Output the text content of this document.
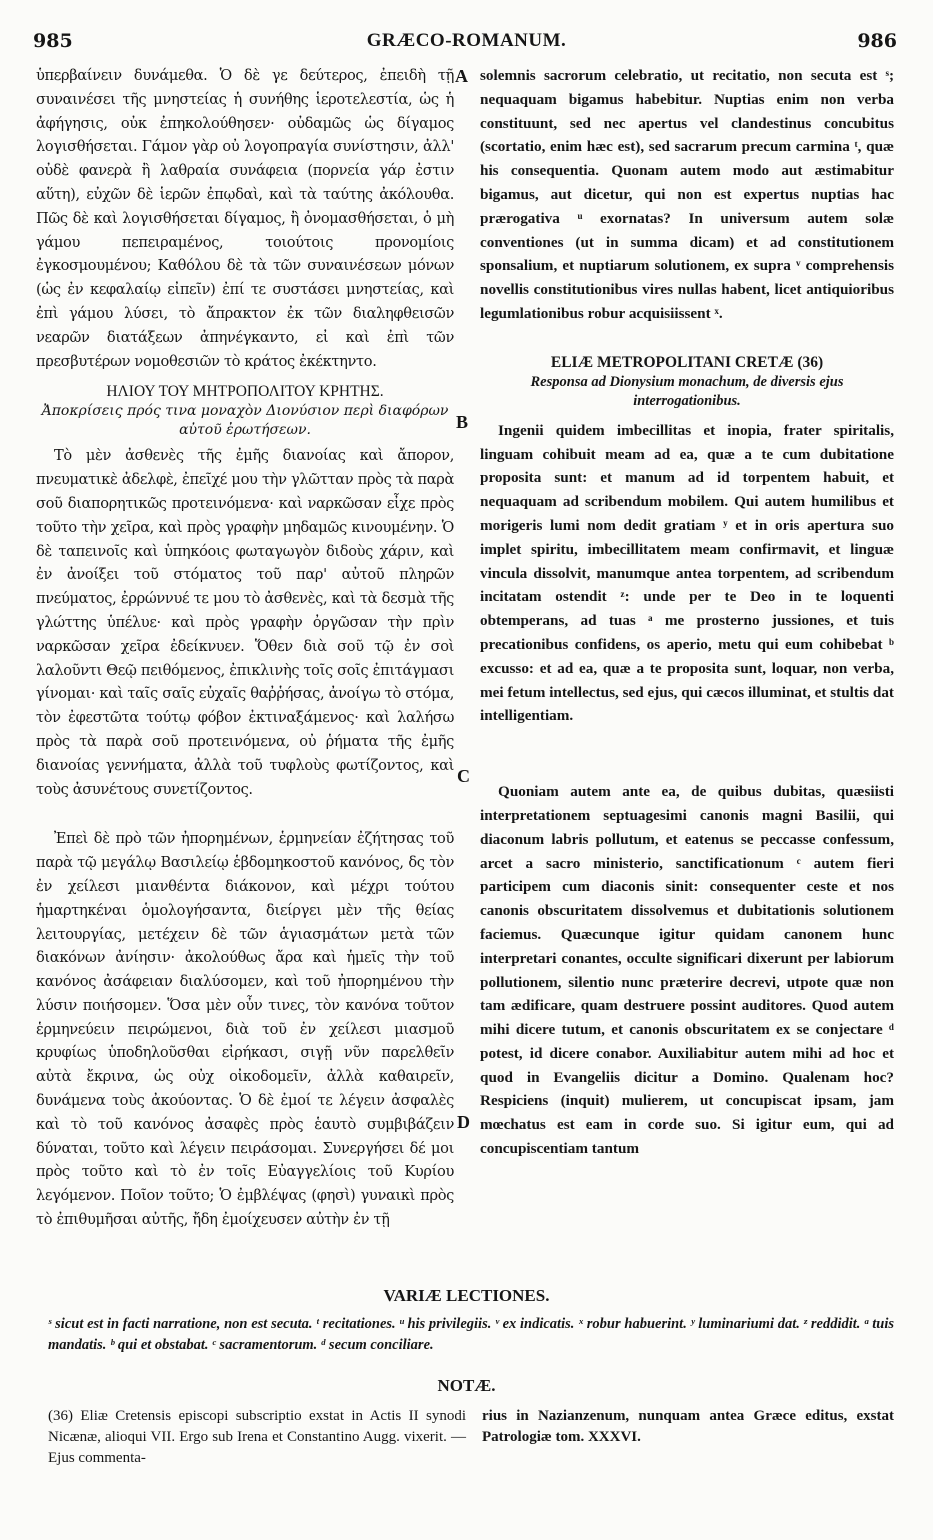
985	GRÆCO-ROMANUM.	986
A
B
C
D

ὑπερβαίνειν δυνάμεθα. Ὁ δὲ γε δεύτερος, ἐπειδὴ τῇ συναινέσει τῆς μνηστείας ἡ συνήθης ἱεροτελεστία, ὡς ἡ ἀφήγησις, οὐκ ἐπηκολούθησεν· οὐδαμῶς ὡς δίγαμος λογισθήσεται. Γάμον γὰρ οὐ λογοπραγία συνίστησιν, ἀλλ' οὐδὲ φανερὰ ἢ λαθραία συνάφεια (πορνεία γάρ ἐστιν αὕτη), εὐχῶν δὲ ἱερῶν ἐπῳδαὶ, καὶ τὰ ταύτης ἀκόλουθα. Πῶς δὲ καὶ λογισθήσεται δίγαμος, ἢ ὀνομασθήσεται, ὁ μὴ γάμου πεπειραμένος, τοιούτοις προνομίοις ἐγκοσμουμένου; Καθόλου δὲ τὰ τῶν συναινέσεων μόνων (ὡς ἐν κεφαλαίῳ εἰπεῖν) ἐπί τε συστάσει μνηστείας, καὶ ἐπὶ γάμου λύσει, τὸ ἄπρακτον ἐκ τῶν διαληφθεισῶν νεαρῶν διατάξεων ἀπηνέγκαντο, εἰ καὶ ἐπὶ τῶν πρεσβυτέρων νομοθεσιῶν τὸ κράτος ἐκέκτηντο.

ΗΛΙΟΥ ΤΟΥ ΜΗΤΡΟΠΟΛΙΤΟΥ ΚΡΗΤΗΣ.
Ἀποκρίσεις πρός τινα μοναχὸν Διονύσιον περὶ διαφόρων αὐτοῦ ἐρωτήσεων.

Τὸ μὲν ἀσθενὲς τῆς ἐμῆς διανοίας καὶ ἄπορον, πνευματικὲ ἀδελφὲ, ἐπεῖχέ μου τὴν γλῶτταν πρὸς τὰ παρὰ σοῦ διαπορητικῶς προτεινόμενα· καὶ ναρκῶσαν εἶχε πρὸς τοῦτο τὴν χεῖρα, καὶ πρὸς γραφὴν μηδαμῶς κινουμένην. Ὁ δὲ ταπεινοῖς καὶ ὑπηκόοις φωταγωγὸν διδοὺς χάριν, καὶ ἐν ἀνοίξει τοῦ στόματος τοῦ παρ' αὐτοῦ πληρῶν πνεύματος, ἐρρώννυέ τε μου τὸ ἀσθενὲς, καὶ τὰ δεσμὰ τῆς γλώττης ὑπέλυε· καὶ πρὸς γραφὴν ὀργῶσαν τὴν πρὶν ναρκῶσαν χεῖρα ἐδείκνυεν. Ὅθεν διὰ σοῦ τῷ ἐν σοὶ λαλοῦντι Θεῷ πειθόμενος, ἐπικλινὴς τοῖς σοῖς ἐπιτάγμασι γίνομαι· καὶ ταῖς σαῖς εὐχαῖς θαῤῥήσας, ἀνοίγω τὸ στόμα, τὸν ἐφεστῶτα τούτῳ φόβον ἐκτιναξάμενος· καὶ λαλήσω πρὸς τὰ παρὰ σοῦ προτεινόμενα, οὐ ῥήματα τῆς ἐμῆς διανοίας γεννήματα, ἀλλὰ τοῦ τυφλοὺς φωτίζοντος, καὶ τοὺς ἀσυνέτους συνετίζοντος.

Ἐπεὶ δὲ πρὸ τῶν ἠπορημένων, ἑρμηνείαν ἐζήτησας τοῦ παρὰ τῷ μεγάλῳ Βασιλείῳ ἑβδομηκοστοῦ κανόνος, δς τὸν ἐν χείλεσι μιανθέντα διάκονον, καὶ μέχρι τούτου ἡμαρτηκέναι ὁμολογήσαντα, διείργει μὲν τῆς θείας λειτουργίας, μετέχειν δὲ τῶν ἁγιασμάτων μετὰ τῶν διακόνων ἀνίησιν· ἀκολούθως ἄρα καὶ ἡμεῖς τὴν τοῦ κανόνος ἀσάφειαν διαλύσομεν, καὶ τοῦ ἠπορημένου τὴν λύσιν ποιήσομεν. Ὅσα μὲν οὖν τινες, τὸν κανόνα τοῦτον ἑρμηνεύειν πειρώμενοι, διὰ τοῦ ἐν χείλεσι μιασμοῦ κρυφίως ὑποδηλοῦσθαι εἰρήκασι, σιγῇ νῦν παρελθεῖν αὐτὰ ἔκρινα, ὡς οὐχ οἰκοδομεῖν, ἀλλὰ καθαιρεῖν, δυνάμενα τοὺς ἀκούοντας. Ὁ δὲ ἐμοί τε λέγειν ἀσφαλὲς καὶ τὸ τοῦ κανόνος ἀσαφὲς πρὸς ἑαυτὸ συμβιβάζειν δύναται, τοῦτο καὶ λέγειν πειράσομαι. Συνεργήσει δέ μοι πρὸς τοῦτο καὶ τὸ ἐν τοῖς Εὐαγγελίοις τοῦ Κυρίου λεγόμενον. Ποῖον τοῦτο; Ὁ ἐμβλέψας (φησὶ) γυναικὶ πρὸς τὸ ἐπιθυμῆσαι αὐτῆς, ἤδη ἐμοίχευσεν αὐτὴν ἐν τῇ

solemnis sacrorum celebratio, ut recitatio, non secuta est ˢ; nequaquam bigamus habebitur. Nuptias enim non verba constituunt, sed nec apertus vel clandestinus concubitus (scortatio, enim hæc est), sed sacrarum precum carmina ᵗ, quæ his consequentia. Quonam autem modo aut æstimabitur bigamus, aut dicetur, qui non est expertus nuptias hac prærogativa ᵘ exornatas? In universum autem solæ conventiones (ut in summa dicam) et ad constitutionem sponsalium, et nuptiarum solutionem, ex supra ᵛ comprehensis novellis constitutionibus vires nullas habent, licet antiquioribus legumlationibus robur acquisiissent ˣ.

ELIÆ METROPOLITANI CRETÆ (36)
Responsa ad Dionysium monachum, de diversis ejus interrogationibus.

Ingenii quidem imbecillitas et inopia, frater spiritalis, linguam cohibuit meam ad ea, quæ a te cum dubitatione proposita sunt: et manum ad id torpentem habuit, et nequaquam ad scribendum mobilem. Qui autem humilibus et morigeris lumi nom dedit gratiam ʸ et in oris apertura suo implet spiritu, imbecillitatem meam confirmavit, et linguæ vincula dissolvit, manumque antea torpentem, ad scribendum incitatam ostendit ᶻ: unde per te Deo in te loquenti obtemperans, ad tuas ᵃ me prosterno jussiones, et tuis precationibus confidens, os aperio, metu qui eum cohibebat ᵇ excusso: et ad ea, quæ a te proposita sunt, loquar, non verba, mei fetum intellectus, sed ejus, qui cæcos illuminat, et stultis dat intelligentiam.

Quoniam autem ante ea, de quibus dubitas, quæsiisti interpretationem septuagesimi canonis magni Basilii, qui diaconum labris pollutum, et eatenus se peccasse confessum, arcet a sacro ministerio, sanctificationum ᶜ autem fieri participem cum diaconis sinit: consequenter ceste et nos canonis obscuritatem dissolvemus et dubitationis solutionem faciemus. Quæcunque igitur quidam canonem hunc interpretari conantes, occulte significari dixerunt per labiorum pollutionem, silentio nunc præterire decrevi, utpote quæ non tam ædificare, quam destruere possint auditores. Quod autem mihi dicere tutum, et canonis obscuritatem ex se conjectare ᵈ potest, id dicere conabor. Auxiliabitur autem mihi ad hoc et quod in Evangeliis dicitur a Domino. Qualenam hoc? Respiciens (inquit) mulierem, ut concupiscat ipsam, jam mœchatus est eam in corde suo. Si igitur eum, qui ad concupiscentiam tantum

VARIÆ LECTIONES.
ˢ sicut est in facti narratione, non est secuta. ᵗ recitationes. ᵘ his privilegiis. ᵛ ex indicatis. ˣ robur habuerint. ʸ luminariumi dat. ᶻ reddidit. ᵃ tuis mandatis. ᵇ qui et obstabat. ᶜ sacramentorum. ᵈ secum conciliare.
NOTÆ.
(36) Eliæ Cretensis episcopi subscriptio exstat in Actis II synodi Nicænæ, alioqui VII. Ergo sub Irena et Constantino Augg. vixerit. — Ejus commenta-
rius in Nazianzenum, nunquam antea Græce editus, exstat Patrologiæ tom. XXXVI.
